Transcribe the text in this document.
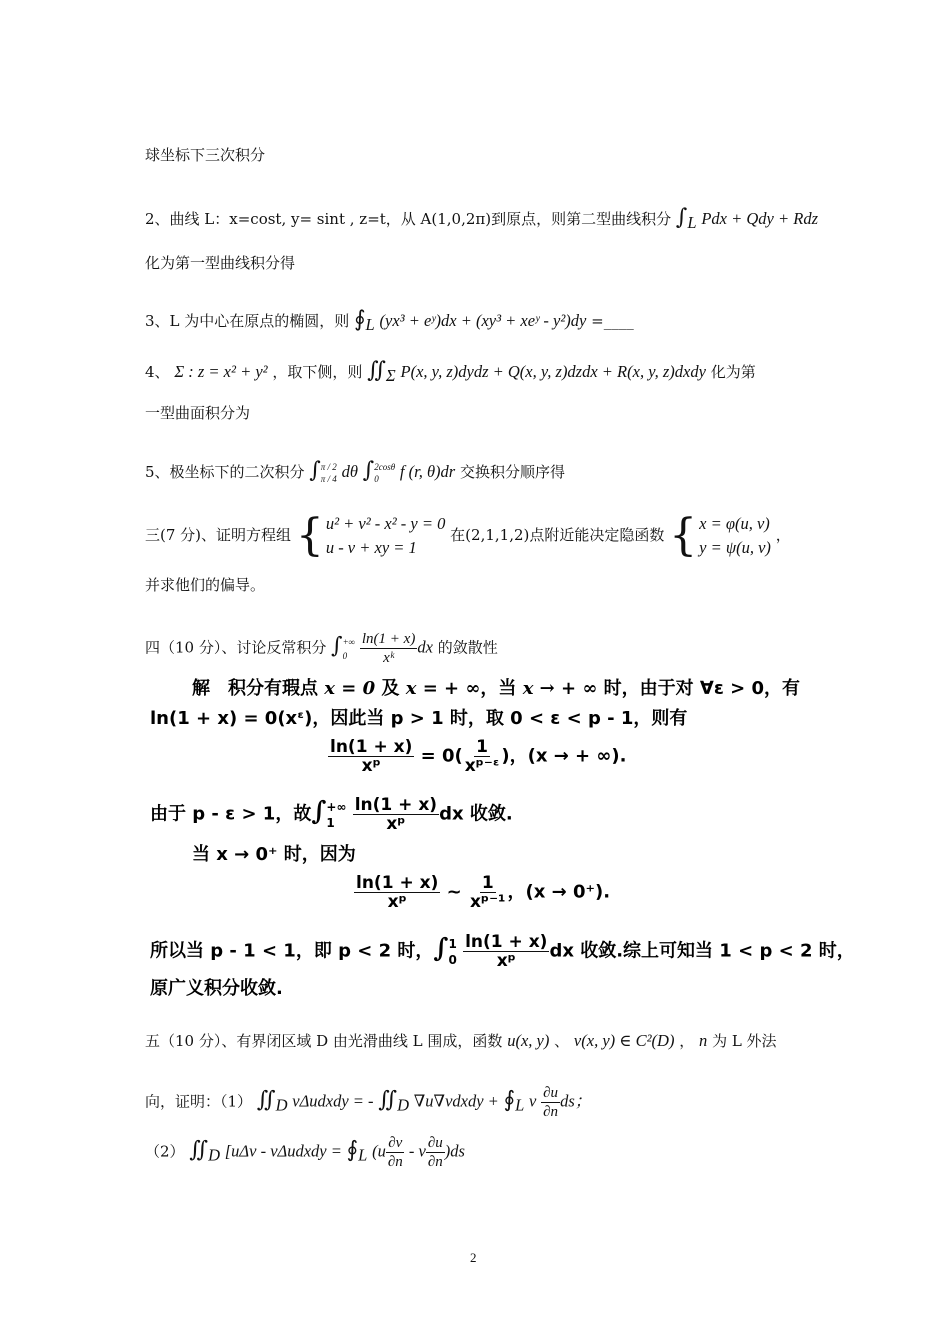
球坐标下三次积分
2、曲线 L：x=cost, y= sint , z=t，从 A(1,0,2π)到原点，则第二型曲线积分 $\int_L$ Pdx + Qdy + Rdz
化为第一型曲线积分得
3、L 为中心在原点的椭圆，则 $∮_L$ (yx³ + eʸ)dx + (xy³ + xeʸ - y²)dy =____
4、 Σ : z = x² + y² ，取下侧，则 $∬_\Sigma$ P(x, y, z)dydz + Q(x, y, z)dzdx + R(x, y, z)dxdy 化为第
一型曲面积分为
5、极坐标下的二次积分 ∫ π / 2
π / 4 dθ ∫ 2cosθ
0	f (r, θ)dr 交换积分顺序得
三(7 分)、证明方程组 { u² + v² - x² - y = 0
u - v + xy = 1
在(2,1,1,2)点附近能决定隐函数 { x = φ(u, v)
y = ψ(u, v)
，
并求他们的偏导。
四（10 分）、讨论反常积分 ∫ +∞
0
$\frac{\ln(1 + x)}{\text{xᵏ}}$ dx 的敛散性
解　积分有瑕点 x = 0 及 x = + ∞，当 x → + ∞ 时，由于对 ∀ε > 0，有
ln(1 + x) = 0(xᵋ)，因此当 p > 1 时，取 0 < ε < p - 1，则有
$\frac{\ln(1 + x)}{\text{xᵖ}} = 0( \frac{1}{\text{xᵖ⁻ᵋ}}$ )，(x → + ∞).
由于 p - ε > 1，故∫ +∞
1
	$\frac{\ln(1 + x)}{\text{xᵖ}}$ dx 收敛.
当 x → 0⁺ 时，因为
$\frac{\ln(1 + x)}{\text{xᵖ}}$ ~ $\frac{1}{\text{xᵖ⁻¹}}$ ，(x → 0⁺).
所以当 p - 1 < 1，即 p < 2 时，∫ 1
0
$\frac{\ln(1 + x)}{\text{xᵖ}}$ dx 收敛.综上可知当 1 < p < 2 时，
原广义积分收敛.
五（10 分）、有界闭区域 D 由光滑曲线 L 围成，函数 u(x, y) 、 v(x, y) ∈ C²(D) ， n 为 L 外法
向，证明：（1） $∬_D$ vΔudxdy = - $∬_D$ ∇u∇vdxdy + $∮_L$ v $\frac{\partial u}{\partial n}$ ds；
（2） $∬_D$ [uΔv - vΔudxdy = $∮_L$ ($u \frac{\partial v}{\partial n}$ - v $\frac{\partial u}{\partial n} )ds$
2
